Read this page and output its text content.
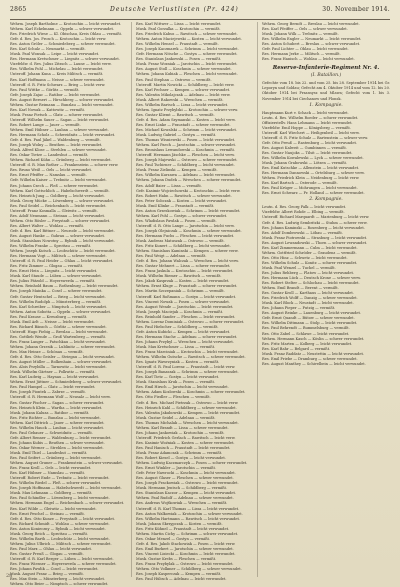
2865	Deutsche Verlustlisten (Pr. 424)	30. November 1914.
Wehrm. Joseph Bartholme — Krotoschin — leicht verwundet.
Wehrm. Karl Eckelmann — Oppeln — schwer verwundet.
Res. Friedrich Wiese — Kl. Obischau, Kreis Ohlau — vermißt.
Gefr. d. Res. Jos. Frosch — Krotoschin — leicht verw.
Res. Anton Gröler — Schmiedeberg — schwer verwundet.
Res. Karl Schulz — Neumarkt — vermißt.
Musk. Paul Wonsak — Leipe — leicht verwundet.
Res. Hermann Kretschmer — Liegnitz — schwer verwundet.
Vizefeldw. d. Res. Julius Zitzsch — Laune — leicht verw.
Res. Wilhelm Pohl — Michelau — leicht verwundet.
Unteroff. Johann Kuna — Kreis Militsch — vermißt.
Res. Karl Hoffmann — Neisse — schwer verwundet.
Unteroff. d. R. Fritz Schwarz — Brieg — leicht verw.
Res. Paul Wittke — Görlitz — vermißt.
Gefr. Joseph Zajac — Ratibor — leicht verwundet.
Res. August Bernert — Hirschberg — schwer verwundet.
Wehrm. Gustav Reimann — Bunzlau — leicht verwundet.
Res. Karl Nowak — Kattowitz — vermißt.
Musk. Franz Pietsch — Glatz — schwer verwundet.
Unteroff. Wilhelm Sauer — Sagan — leicht verwundet.
Res. Robert Lange — Jauer — vermißt.
Wehrm. Emil Hübner — Lauban — schwer verwundet.
Res. Hermann Scholz — Schweidnitz — leicht verwundet.
Gefr. d. Res. Paul Jäkel — Waldenburg — vermißt.
Res. Joseph Wolny — Beuthen — leicht verwundet.
Musk. Alfred Klose — Strehlen — schwer verwundet.
Res. Oskar Tietze — Landeshut — vermißt.
Wehrm. Richard Kühn — Grünberg — leicht verwundet.
Unteroff. d. R. Max Rother — Frankenstein — schwer verw.
Res. Bruno Weiß — Oels — leicht verwundet.
Res. Ernst Pfeiffer — Namslau — vermißt.
Gefr. Wilhelm Kaiser — Trebnitz — leicht verwundet.
Res. Johann Czech — Pleß — schwer verwundet.
Wehrm. Karl Gottschlich — Habelschwerdt — vermißt.
Res. Heinrich Jung — Goldberg — leicht verwundet.
Musk. Georg Mücke — Löwenberg — schwer verwundet.
Res. Paul Seidel — Reichenbach — leicht verwundet.
Unteroff. Franz Kosmalla — Gleiwitz — vermißt.
Res. Adolf Neumann — Steinau — leicht verwundet.
Wehrm. Otto Rösler — Freystadt — schwer verwundet.
Res. Albert Walter — Wohlau — vermißt.
Gefr. d. Res. Karl Bittner — Neurode — leicht verwundet.
Res. August Hanke — Guhrau — schwer verwundet.
Musk. Stanislaus Nowotny — Rybnik — leicht verwundet.
Res. Wilhelm Franke — Sprottau — vermißt.
Wehrm. Joseph Kutsch — Leobschütz — leicht verwundet.
Res. Hermann Vogt — Militsch — schwer verwundet.
Unteroff. d. R. Paul Heider — Ohlau — leicht verwundet.
Res. Fritz Zimmer — Glogau — vermißt.
Res. Ernst Hein — Liegnitz — leicht verwundet.
Musk. Karl Staude — Lüben — schwer verwundet.
Res. Julius Pätzold — Hoyerswerda — vermißt.
Wehrm. Reinhold Baum — Rothenburg — leicht verwundet.
Res. Joseph Mainka — Cosel — schwer verwundet.
Gefr. Gustav Hentschel — Brieg — leicht verwundet.
Res. Wilhelm Rudolph — Münsterberg — vermißt.
Res. Karl Schreiber — Nimptsch — leicht verwundet.
Wehrm. Anton Sobotta — Oppeln — schwer verwundet.
Res. Paul Krause — Kreuzburg — vermißt.
Musk. Emil Arlt — Neisse — leicht verwundet.
Res. Richard Bänsch — Görlitz — schwer verwundet.
Unteroff. Hugo Fiebig — Breslau — leicht verwundet.
Res. Gottlieb Wende — Groß Wartenberg — vermißt.
Res. Franz Langer — Patschkau — leicht verwundet.
Wehrm. Johann Grzesik — Lublinitz — schwer verwundet.
Res. Max Heinze — Schönau — vermißt.
Gefr. d. Res. Otto Geisler — Striegau — leicht verwundet.
Res. August Müller — Bolkenhain — schwer verwundet.
Res. Alois Przybilla — Tarnowitz — leicht verwundet.
Musk. Wilhelm Gärtner — Polkwitz — vermißt.
Res. Karl Ludwig — Haynau — leicht verwundet.
Wehrm. Ernst Jüttner — Schmiedeberg — schwer verwundet.
Res. Paul Hampel — Glatz — leicht verwundet.
Res. Joseph Piontek — Zabrze — vermißt.
Unteroff. d. R. Hermann Wolf — Neusalz — leicht verw.
Res. Gustav Fischer — Sagan — schwer verwundet.
Res. Heinrich Klein — Wartha — leicht verwundet.
Musk. Johann Kaluza — Ratibor — vermißt.
Res. Fritz Richter — Bunzlau — leicht verwundet.
Wehrm. Karl Dittrich — Jauer — schwer verwundet.
Res. Wilhelm Hauck — Lauban — leicht verwundet.
Res. Paul Gebauer — Schweidnitz — vermißt.
Gefr. Albert Renner — Waldenburg — leicht verwundet.
Res. Johann Kubis — Beuthen — schwer verwundet.
Res. Oskar Werner — Strehlen — leicht verwundet.
Musk. Emil Thiel — Landeshut — vermißt.
Res. Paul Seifert — Grünberg — leicht verwundet.
Wehrm. August Gruner — Frankenstein — schwer verwundet.
Res. Franz Kroll — Oels — leicht verwundet.
Res. Karl Hübner — Namslau — vermißt.
Unteroff. Robert Ende — Trebnitz — leicht verwundet.
Res. Wilhelm Riedel — Pleß — schwer verwundet.
Res. Joseph Hoffmann — Habelschwerdt — leicht verwundet.
Musk. Max Lehmann — Goldberg — vermißt.
Res. Paul Schindler — Löwenberg — leicht verwundet.
Wehrm. Hermann Engel — Reichenbach — schwer verwundet.
Res. Karl Wilde — Gleiwitz — leicht verwundet.
Res. Ernst Peschel — Steinau — vermißt.
Gefr. d. Res. Otto Kunze — Freystadt — leicht verwundet.
Res. Richard Schmidt — Wohlau — schwer verwundet.
Res. Anton Konieczny — Rybnik — leicht verwundet.
Musk. Georg Reich — Sprottau — vermißt.
Res. Wilhelm Barth — Leobschütz — leicht verwundet.
Wehrm. Julius Ulbrich — Militsch — schwer verwundet.
Res. Paul Marx — Ohlau — leicht verwundet.
Res. Gustav Preuß — Glogau — vermißt.
Unteroff. d. R. Karl Berger — Lüben — leicht verwundet.
Res. Franz Wiesner — Hoyerswerda — schwer verwundet.
Res. Johann Pawlik — Cosel — leicht verwundet.
Musk. August Franz — Brieg — vermißt.
Res. Max Stein — Münsterberg — leicht verwundet.
Wehrm. Otto Beier — Nimptsch — schwer verwundet.
Res. Karl Wittwer — Lissa — leicht verwundet.
Musk. Paul Gorzalka — Krotoschin — vermißt.
Res. Friedrich Kabus — Rawitsch — schwer verwundet.
Wehrm. Anton Maciejewski — Kosten — leicht verwundet.
Res. Wilhelm Hensel — Fraustadt — vermißt.
Res. Joseph Kaczmarek — Schrimm — leicht verwundet.
Gefr. Hermann Nitsche — Gostyn — schwer verwundet.
Res. Stanislaus Jankowski — Posen — vermißt.
Musk. Franz Wozniak — Jarotschin — leicht verwundet.
Res. August Stoll — Koschmin — schwer verwundet.
Wehrm. Johann Kubiak — Pleschen — leicht verwundet.
Res. Paul Stephan — Ostrowo — vermißt.
Unteroff. Martin Nowicki — Schildberg — leicht verw.
Res. Karl Fechner — Kempen — schwer verwundet.
Res. Valentin Mikolajczak — Adelnau — leicht verw.
Musk. Albert Rakowski — Wreschen — vermißt.
Res. Wilhelm Bartsch — Lissa — leicht verwundet.
Wehrm. Ignatz Przybylski — Krotoschin — schwer verw.
Res. Gustav Kliemt — Rawitsch — vermißt.
Gefr. d. Res. Adam Szymanski — Kosten — leicht verw.
Res. Ernst Linke — Fraustadt — schwer verwundet.
Res. Michael Kowalski — Schrimm — leicht verwundet.
Musk. Ludwig Gabriel — Gostyn — vermißt.
Res. Thomas Wisniewski — Posen — leicht verwundet.
Wehrm. Karl Paech — Jarotschin — schwer verwundet.
Res. Bronislaus Lewandowski — Koschmin — vermißt.
Unteroff. Hermann Jäschke — Pleschen — leicht verw.
Res. Joseph Majewski — Ostrowo — schwer verwundet.
Res. Paul Tschirner — Schildberg — leicht verwundet.
Musk. Franz Zielinski — Kempen — vermißt.
Res. Wilhelm Kurzawa — Adelnau — leicht verwundet.
Wehrm. Johann Dudek — Wreschen — schwer verwundet.
Res. Adolf Baier — Lissa — vermißt.
Gefr. Kasimir Wojciechowski — Krotoschin — leicht verw.
Res. Robert Hahn — Rawitsch — schwer verwundet.
Res. Peter Sobczak — Kosten — leicht verwundet.
Musk. Emil Klinke — Fraustadt — vermißt.
Res. Anton Grzeskowiak — Schrimm — leicht verwundet.
Wehrm. Karl Pohl — Gostyn — schwer verwundet.
Res. Wladislaus Pawlak — Posen — vermißt.
Unteroff. d. R. Otto Lange — Jarotschin — leicht verw.
Res. Joseph Olejniczak — Koschmin — schwer verwundet.
Res. Hermann Fuchs — Pleschen — leicht verwundet.
Musk. Andreas Matuszak — Ostrowo — vermißt.
Res. Fritz Kunert — Schildberg — leicht verwundet.
Wehrm. Stanislaus Kaminski — Kempen — schwer verw.
Res. Paul Weigt — Adelnau — vermißt.
Gefr. d. Res. Johann Walczak — Wreschen — leicht verw.
Res. Gustav Mehnert — Lissa — schwer verwundet.
Res. Franz Jaskula — Krotoschin — leicht verwundet.
Musk. Wilhelm Riemer — Rawitsch — vermißt.
Res. Jakob Kasprzak — Kosten — leicht verwundet.
Wehrm. Ernst Kluge — Fraustadt — schwer verwundet.
Res. Martin Szczepaniak — Schrimm — vermißt.
Unteroff. Karl Roßmann — Gostyn — leicht verwundet.
Res. Vincent Nowak — Posen — schwer verwundet.
Res. August Wende — Jarotschin — leicht verwundet.
Musk. Joseph Maciejak — Koschmin — vermißt.
Res. Reinhold Sander — Pleschen — leicht verwundet.
Wehrm. Lorenz Dominiak — Ostrowo — schwer verwundet.
Res. Paul Hielscher — Schildberg — vermißt.
Gefr. Anton Kubicki — Kempen — leicht verwundet.
Res. Hermann Stache — Adelnau — schwer verwundet.
Res. Johann Przybyl — Wreschen — leicht verwundet.
Musk. Max Kretschmer — Lissa — vermißt.
Res. Franz Marciniak — Krotoschin — leicht verwundet.
Wehrm. Wilhelm Gutsche — Rawitsch — schwer verwundet.
Res. Ignatz Wawrzyniak — Kosten — vermißt.
Unteroff. d. R. Paul Lorenz — Fraustadt — leicht verw.
Res. Joseph Banaszak — Schrimm — schwer verwundet.
Res. Karl Tietz — Gostyn — leicht verwundet.
Musk. Stanislaus Kruk — Posen — vermißt.
Res. Emil Hirsch — Jarotschin — leicht verwundet.
Wehrm. Adam Kozlowski — Koschmin — schwer verwundet.
Res. Otto Fiedler — Pleschen — vermißt.
Gefr. d. Res. Michael Pietrzak — Ostrowo — leicht verw.
Res. Heinrich Kahl — Schildberg — schwer verwundet.
Res. Valentin Jakubowski — Kempen — leicht verwundet.
Musk. Gustav Seidel — Adelnau — vermißt.
Res. Thomas Michalak — Wreschen — leicht verwundet.
Wehrm. Karl Brandt — Lissa — schwer verwundet.
Res. Johann Jankowiak — Krotoschin — vermißt.
Unteroff. Friedrich Gerlach — Rawitsch — leicht verw.
Res. Kasimir Woźniak — Kosten — schwer verwundet.
Res. Paul Hanisch — Fraustadt — leicht verwundet.
Musk. Franz Adamczak — Schrimm — vermißt.
Res. Robert Kiesel — Gostyn — leicht verwundet.
Wehrm. Ludwig Kaczmarczyk — Posen — schwer verwundet.
Res. Ernst Winkler — Jarotschin — vermißt.
Gefr. Peter Nawrocki — Koschmin — leicht verwundet.
Res. August Glaser — Pleschen — schwer verwundet.
Res. Joseph Frackowiak — Ostrowo — leicht verwundet.
Musk. Hermann Jentsch — Schildberg — vermißt.
Res. Stanislaus Kaczor — Kempen — leicht verwundet.
Wehrm. Paul Rudolf — Adelnau — schwer verwundet.
Res. Andreas Wojtkowiak — Wreschen — vermißt.
Unteroff. d. R. Karl Thomas — Lissa — leicht verwundet.
Res. Anton Walkowiak — Krotoschin — schwer verwundet.
Res. Wilhelm Hartmann — Rawitsch — leicht verwundet.
Musk. Johann Skrzypczak — Kosten — vermißt.
Res. Fritz Kühnel — Fraustadt — leicht verwundet.
Wehrm. Martin Cichy — Schrimm — schwer verwundet.
Res. Oskar Menzel — Gostyn — vermißt.
Gefr. d. Res. Jakob Stachowiak — Posen — leicht verw.
Res. Emil Burkert — Jarotschin — schwer verwundet.
Res. Vincent Lisiecki — Koschmin — leicht verwundet.
Musk. Gustav Krebs — Pleschen — vermißt.
Res. Franz Przybylak — Ostrowo — leicht verwundet.
Wehrm. Otto Volkmer — Schildberg — schwer verwundet.
Res. Joseph Kasperczak — Kempen — vermißt.
Res. Paul Hübsch — Adelnau — leicht verwundet.
Wehrm. Georg Berndt — Breslau — leicht verwundet.
Res. Karl Pfeiffer — Oels — schwer verwundet.
Musk. Johann Wilk — Trebnitz — vermißt.
Res. Wilhelm Engler — Neumarkt — leicht verwundet.
Res. Anton Schubert — Breslau — schwer verwundet.
Gefr. Paul Lichter — Ohlau — leicht verwundet.
Res. Hermann Jerke — Militsch — vermißt.
Res. Franz Hanisch — Wohlau — leicht verwundet.
Reserve-Infanterie-Regiment Nr. 4.
(I. Bataillon.)
Gefechte vom 18. bis 22. und vom 25. bis 28. September 1914 bei Gr. Leporyn und Soldau; Gefecht am 4. Oktober 1914 und vom 12. bis 20. Oktober 1914 bei Przasnysz und Mlawa; Gefecht vom 1. bis 3. November 1914 bei Ciechanow und Plonsk.
1. Kompagnie.
Hauptmann Kurt v. Schack — leicht verwundet.
Leutn. d. Res. Wilhelm Roeder — schwer verwundet.
Offizierstellv. Hans Lehmann — leicht verwundet.
Vizefeldw. Emil Hoppe — Königsberg — vermißt.
Unteroff. Karl Wiechert — Heiligenbeil — leicht verw.
Unteroff. d. R. Fritz Schulz — Bartenstein — schwer verw.
Gefr. Otto Preuß — Rastenburg — leicht verwundet.
Res. August Kalweit — Gumbinnen — vermißt.
Res. Gustav Naujoks — Tilsit — leicht verwundet.
Res. Wilhelm Kowalewski — Lyck — schwer verwundet.
Musk. Johann Grabowski — Lötzen — vermißt.
Res. Emil Kutschke — Allenstein — leicht verwundet.
Res. Hermann Dannowski — Ortelsburg — schwer verw.
Wehrm. Friedrich Klein — Neidenburg — leicht verw.
Res. Karl Bartsch — Osterode — vermißt.
Res. Paul Krüger — Mohrungen — leicht verwundet.
Res. Ernst Schwarz — Pr. Holland — schwer verwundet.
2. Kompagnie.
Leutn. d. Res. Georg Falk — leicht verwundet.
Vizefeldw. Albert Rohde — Elbing — vermißt.
Unteroff. Richard Marquardt — Marienburg — leicht verw.
Gefr. d. Res. Ludwig Sembritzki — Stuhm — schwer verw.
Res. Johann Kaminski — Rosenberg — leicht verwundet.
Res. Adolf Dombrowski — Löbau — vermißt.
Musk. Franz Piotrowski — Strasburg — leicht verwundet.
Res. August Lewandowski — Thorn — schwer verwundet.
Res. Karl Zimmermann — Culm — leicht verwundet.
Wehrm. Gottfried Schröder — Graudenz — vermißt.
Res. Otto Hinz — Schwetz — leicht verwundet.
Res. Wilhelm Schulz — Konitz — schwer verwundet.
Musk. Paul Wenzel — Tuchel — vermißt.
Res. Julius Rehberg — Flatow — leicht verwundet.
Res. Hermann Lück — Deutsch Krone — schwer verw.
Res. Robert Stelter — Schlochau — leicht verwundet.
Wehrm. Emil Brandt — Berent — vermißt.
Res. Gustav Kroll — Karthaus — leicht verwundet.
Res. Friedrich Wolff — Danzig — schwer verwundet.
Musk. Karl Block — Neustadt — leicht verwundet.
Res. Johann Pieper — Putzig — vermißt.
Res. August Reinke — Lauenburg — leicht verwundet.
Gefr. Ernst Quandt — Bütow — schwer verwundet.
Res. Wilhelm Dittmann — Stolp — leicht verwundet.
Res. Paul Behrendt — Rummelsburg — vermißt.
Res. Otto Zabel — Schlawe — leicht verwundet.
Wehrm. Hermann Kasch — Köslin — schwer verwundet.
Res. Fritz Marten — Kolberg — leicht verwundet.
Res. Karl Bahr — Belgard — vermißt.
Musk. Franz Raddatz — Neustettin — leicht verwundet.
Res. Emil Priebe — Dramburg — schwer verwundet.
Res. August Manthey — Schivelbein — leicht verwundet.
28
